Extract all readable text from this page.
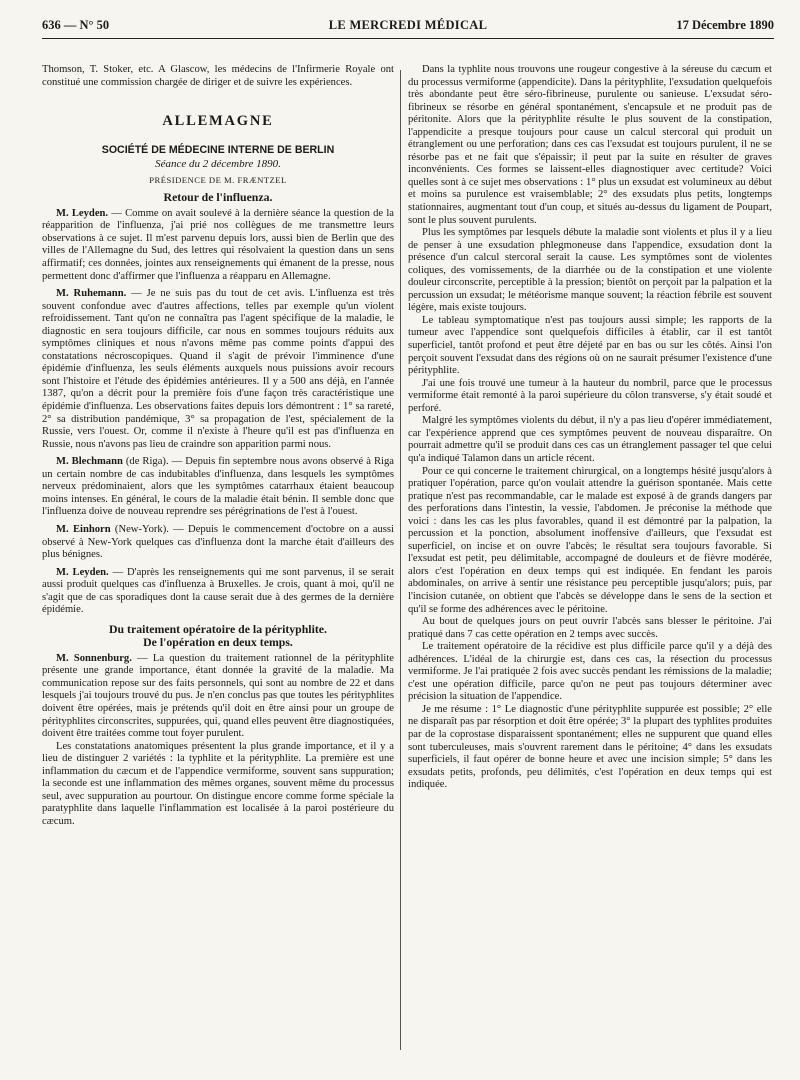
636 — N° 50	LE MERCREDI MÉDICAL	17 Décembre 1890

Thomson, T. Stoker, etc. A Glascow, les médecins de l'Infirmerie Royale ont constitué une commission chargée de diriger et de suivre les expériences.

ALLEMAGNE
SOCIÉTÉ DE MÉDECINE INTERNE DE BERLIN
Séance du 2 décembre 1890.
PRÉSIDENCE DE M. FRÆNTZEL
Retour de l'influenza.

M. Leyden. — Comme on avait soulevé à la dernière séance la question de la réapparition de l'influenza, j'ai prié nos collègues de me transmettre leurs observations à ce sujet. Il m'est parvenu depuis lors, aussi bien de Berlin que des villes de l'Allemagne du Sud, des lettres qui résolvaient la question dans un sens affirmatif; ces données, jointes aux renseignements qui émanent de la presse, nous permettent donc d'affirmer que l'influenza a réapparu en Allemagne.

M. Ruhemann. — Je ne suis pas du tout de cet avis. L'influenza est très souvent confondue avec d'autres affections, telles par exemple qu'un violent refroidissement. Tant qu'on ne connaîtra pas l'agent spécifique de la maladie, le diagnostic en sera toujours difficile, car nous en sommes toujours réduits aux symptômes cliniques et nous n'avons même pas comme points d'appui des constatations nécroscopiques. Quand il s'agit de prévoir l'imminence d'une épidémie d'influenza, les seuls éléments auxquels nous puissions avoir recours sont l'histoire et l'étude des épidémies antérieures. Il y a 500 ans déjà, en l'année 1387, qu'on a décrit pour la première fois d'une façon très caractéristique une épidémie d'influenza. Les observations faites depuis lors démontrent : 1° sa rareté, 2° sa distribution pandémique, 3° sa propagation de l'est, spécialement de la Russie, vers l'ouest. Or, comme il n'existe à l'heure qu'il est pas d'influenza en Russie, nous n'avons pas lieu de craindre son apparition parmi nous.

M. Blechmann (de Riga). — Depuis fin septembre nous avons observé à Riga un certain nombre de cas indubitables d'influenza, dans lesquels les symptômes nerveux prédominaient, alors que les symptômes catarrhaux étaient beaucoup moins intenses. En général, le cours de la maladie était bénin. Il semble donc que l'influenza doive de nouveau reprendre ses pérégrinations de l'est à l'ouest.

M. Einhorn (New-York). — Depuis le commencement d'octobre on a aussi observé à New-York quelques cas d'influenza dont la marche était d'ailleurs des plus bénignes.

M. Leyden. — D'après les renseignements qui me sont parvenus, il se serait aussi produit quelques cas d'influenza à Bruxelles. Je crois, quant à moi, qu'il ne s'agit que de cas sporadiques dont la cause serait due à des germes de la dernière épidémie.

Du traitement opératoire de la pérityphlite.
De l'opération en deux temps.

M. Sonnenburg. — La question du traitement rationnel de la pérityphlite présente une grande importance, étant donnée la gravité de la maladie. Ma communication repose sur des faits personnels, qui sont au nombre de 22 et dans lesquels j'ai toujours trouvé du pus. Je n'en conclus pas que toutes les pérityphlites doivent être opérées, mais je prétends qu'il doit en être ainsi pour un groupe de pérityphlites circonscrites, suppurées, qui, quand elles peuvent être diagnostiquées, doivent être traitées comme tout foyer purulent.

Les constatations anatomiques présentent la plus grande importance, et il y a lieu de distinguer 2 variétés : la typhlite et la pérityphlite. La première est une inflammation du cæcum et de l'appendice vermiforme, souvent sans suppuration; la seconde est une inflammation des mêmes organes, souvent même du processus seul, avec suppuration au pourtour. On distingue encore comme forme spéciale la paratyphlite dans laquelle l'inflammation est localisée à la paroi postérieure du cæcum.

Dans la typhlite nous trouvons une rougeur congestive à la séreuse du cæcum et du processus vermiforme (appendicite). Dans la pérityphlite, l'exsudation quelquefois très abondante peut être séro-fibrineuse, purulente ou sanieuse. L'exsudat séro-fibrineux se résorbe en général spontanément, s'encapsule et ne produit pas de péritonite. Alors que la pérityphlite résulte le plus souvent de la constipation, l'appendicite a presque toujours pour cause un calcul stercoral qui produit un étranglement ou une perforation; dans ces cas l'exsudat est toujours purulent, il ne se résorbe pas et ne fait que s'épaissir; il peut par la suite en résulter de graves inconvénients. Ces formes se laissent-elles diagnostiquer avec certitude? Voici quelles sont à ce sujet mes observations : 1° plus un exsudat est volumineux au début et moins sa purulence est vraisemblable; 2° des exsudats plus petits, longtemps stationnaires, augmentant tout d'un coup, et situés au-dessus du ligament de Poupart, sont le plus souvent purulents.

Plus les symptômes par lesquels débute la maladie sont violents et plus il y a lieu de penser à une exsudation phlegmoneuse dans l'appendice, exsudation dont la présence d'un calcul stercoral serait la cause. Les symptômes sont de violentes coliques, des vomissements, de la diarrhée ou de la constipation et une violente douleur circonscrite, perceptible à la pression; bientôt on perçoit par la palpation et la percussion un exsudat; le météorisme manque souvent; la réaction fébrile est souvent légère, mais existe toujours.

Le tableau symptomatique n'est pas toujours aussi simple; les rapports de la tumeur avec l'appendice sont quelquefois difficiles à établir, car il est tantôt superficiel, tantôt profond et peut être déjeté par en bas ou sur les côtés. Ainsi l'on perçoit souvent l'exsudat dans des régions où on ne saurait présumer l'existence d'une pérityphlite.

J'ai une fois trouvé une tumeur à la hauteur du nombril, parce que le processus vermiforme était remonté à la paroi supérieure du côlon transverse, s'y était soudé et perforé.

Malgré les symptômes violents du début, il n'y a pas lieu d'opérer immédiatement, car l'expérience apprend que ces symptômes peuvent de nouveau disparaître. On pourrait admettre qu'il se produit dans ces cas un étranglement passager tel que celui qu'a indiqué Talamon dans un article récent.

Pour ce qui concerne le traitement chirurgical, on a longtemps hésité jusqu'alors à pratiquer l'opération, parce qu'on voulait attendre la guérison spontanée. Mais cette pratique n'est pas recommandable, car le malade est exposé à de grands dangers par des perforations dans l'intestin, la vessie, l'abdomen. Je préconise la méthode que voici : dans les cas les plus favorables, quand il est démontré par la palpation, la percussion et la ponction, absolument inoffensive d'ailleurs, que l'exsudat est superficiel, on incise et on ouvre l'abcès; le résultat sera toujours favorable. Si l'exsudat est petit, peu délimitable, accompagné de douleurs et de fièvre modérée, alors c'est l'opération en deux temps qui est indiquée. En fendant les parois abdominales, on arrive à sentir une résistance peu perceptible jusqu'alors; puis, par l'incision cutanée, on obtient que l'abcès se développe dans le sens de la section et qu'il se forme des adhérences avec le péritoine.

Au bout de quelques jours on peut ouvrir l'abcès sans blesser le péritoine. J'ai pratiqué dans 7 cas cette opération en 2 temps avec succès.

Le traitement opératoire de la récidive est plus difficile parce qu'il y a déjà des adhérences. L'idéal de la chirurgie est, dans ces cas, la résection du processus vermiforme. Je l'ai pratiquée 2 fois avec succès pendant les rémissions de la maladie; c'est une opération difficile, parce qu'on ne peut pas toujours déterminer avec précision la situation de l'appendice.

Je me résume : 1° Le diagnostic d'une pérityphlite suppurée est possible; 2° elle ne disparaît pas par résorption et doit être opérée; 3° la plupart des typhlites produites par de la coprostase disparaissent spontanément; elles ne suppurent que quand elles sont tuberculeuses, mais s'ouvrent rarement dans le péritoine; 4° dans les exsudats superficiels, il faut opérer de bonne heure et avec une incision simple; 5° dans les exsudats petits, profonds, peu délimités, c'est l'opération en deux temps qui est indiquée.
